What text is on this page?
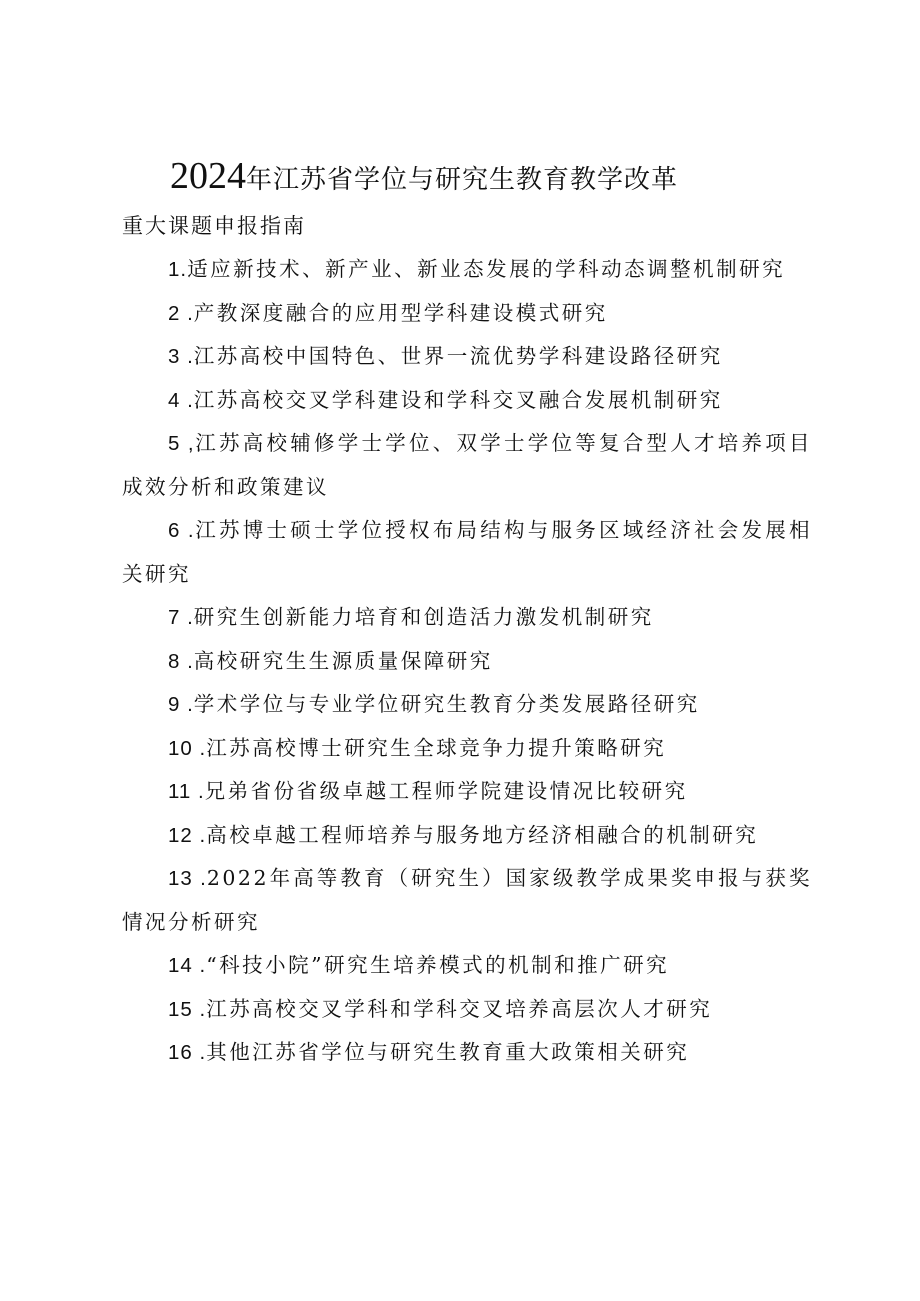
2024年江苏省学位与研究生教育教学改革
重大课题申报指南
1.适应新技术、新产业、新业态发展的学科动态调整机制研究
2 .产教深度融合的应用型学科建设模式研究
3 .江苏高校中国特色、世界一流优势学科建设路径研究
4 .江苏高校交叉学科建设和学科交叉融合发展机制研究
5 ,江苏高校辅修学士学位、双学士学位等复合型人才培养项目成效分析和政策建议
6 .江苏博士硕士学位授权布局结构与服务区域经济社会发展相关研究
7 .研究生创新能力培育和创造活力激发机制研究
8 .高校研究生生源质量保障研究
9 .学术学位与专业学位研究生教育分类发展路径研究
10 .江苏高校博士研究生全球竞争力提升策略研究
11 .兄弟省份省级卓越工程师学院建设情况比较研究
12 .高校卓越工程师培养与服务地方经济相融合的机制研究
13 .2022年高等教育（研究生）国家级教学成果奖申报与获奖情况分析研究
14 .“科技小院”研究生培养模式的机制和推广研究
15 .江苏高校交叉学科和学科交叉培养高层次人才研究
16 .其他江苏省学位与研究生教育重大政策相关研究
